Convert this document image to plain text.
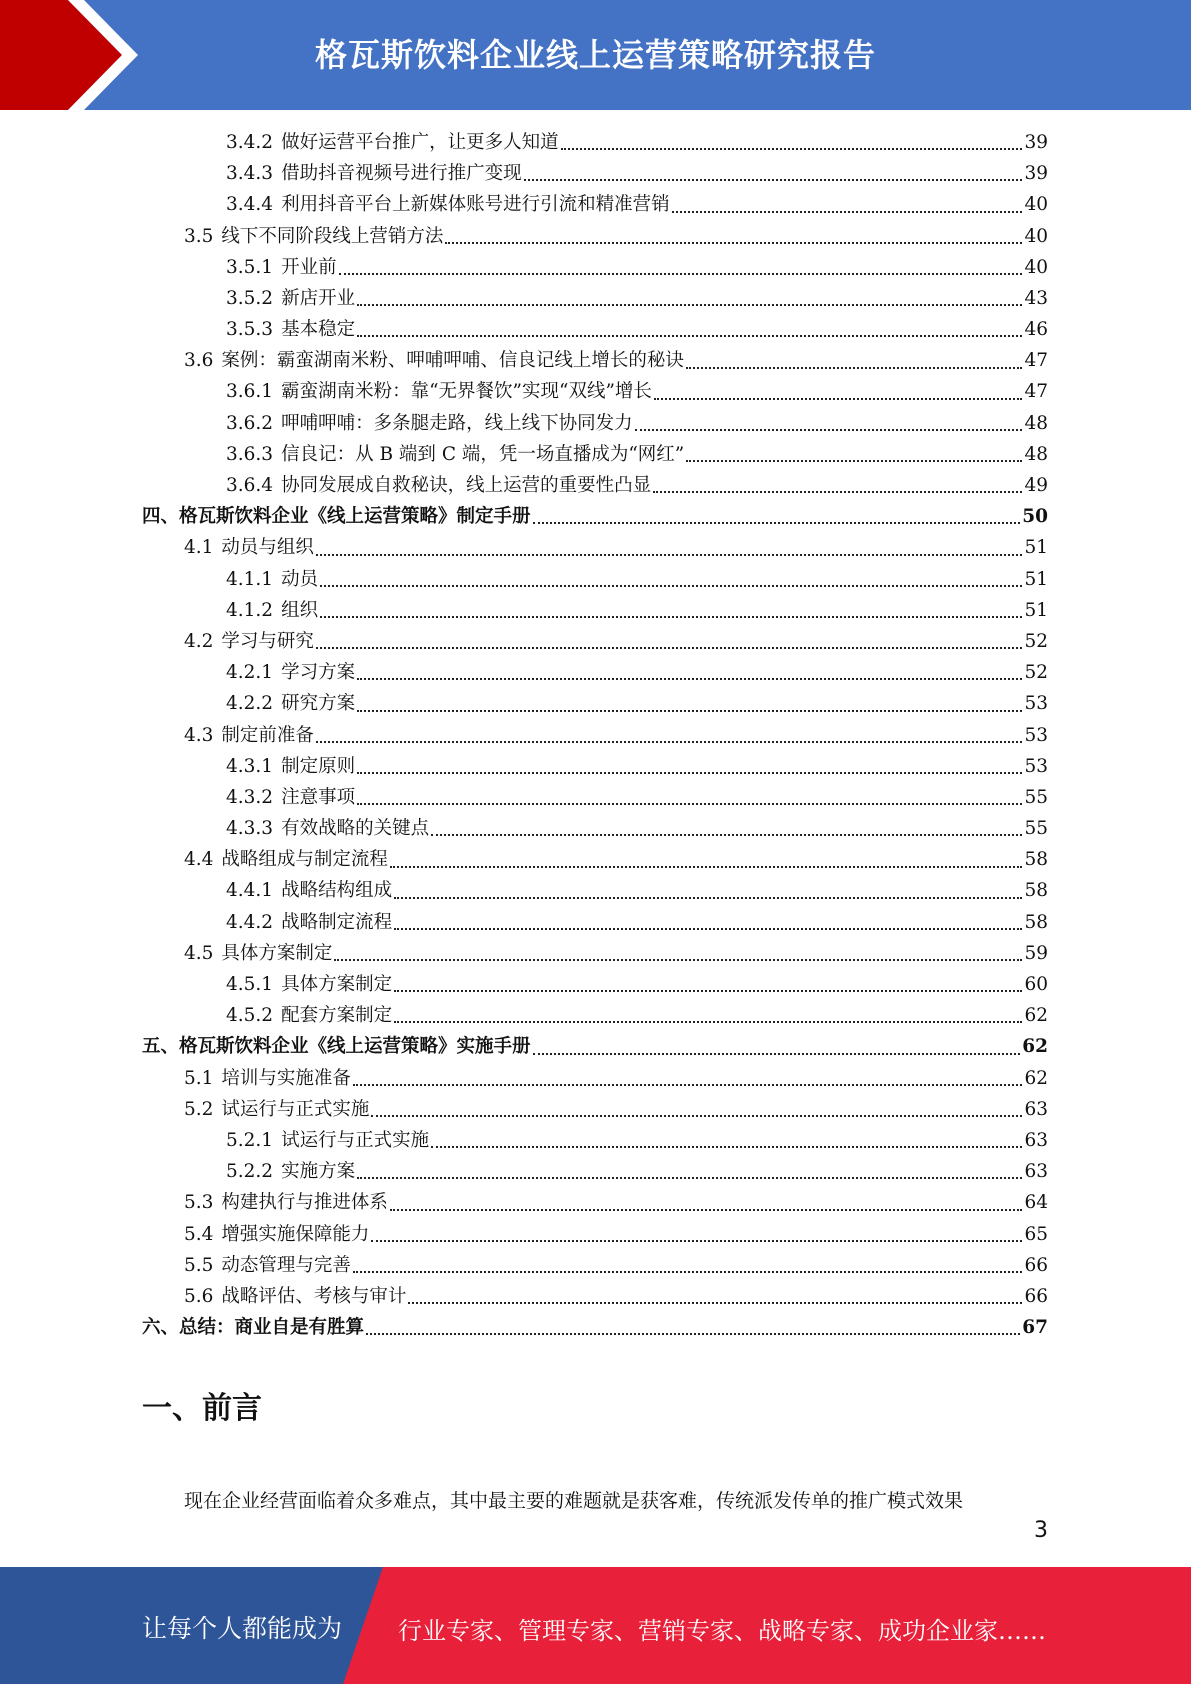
格瓦斯饮料企业线上运营策略研究报告
3.4.2 做好运营平台推广，让更多人知道	39
3.4.3 借助抖音视频号进行推广变现	39
3.4.4 利用抖音平台上新媒体账号进行引流和精准营销	40
3.5 线下不同阶段线上营销方法	40
3.5.1 开业前	40
3.5.2 新店开业	43
3.5.3 基本稳定	46
3.6 案例：霸蛮湖南米粉、呷哺呷哺、信良记线上增长的秘诀	47
3.6.1 霸蛮湖南米粉：靠“无界餐饮”实现“双线”增长	47
3.6.2 呷哺呷哺：多条腿走路，线上线下协同发力	48
3.6.3 信良记：从 B 端到 C 端，凭一场直播成为“网红”	48
3.6.4 协同发展成自救秘诀，线上运营的重要性凸显	49
四、格瓦斯饮料企业《线上运营策略》制定手册	50
4.1 动员与组织	51
4.1.1 动员	51
4.1.2 组织	51
4.2 学习与研究	52
4.2.1 学习方案	52
4.2.2 研究方案	53
4.3 制定前准备	53
4.3.1 制定原则	53
4.3.2 注意事项	55
4.3.3 有效战略的关键点	55
4.4 战略组成与制定流程	58
4.4.1 战略结构组成	58
4.4.2 战略制定流程	58
4.5 具体方案制定	59
4.5.1 具体方案制定	60
4.5.2 配套方案制定	62
五、格瓦斯饮料企业《线上运营策略》实施手册	62
5.1 培训与实施准备	62
5.2 试运行与正式实施	63
5.2.1 试运行与正式实施	63
5.2.2 实施方案	63
5.3 构建执行与推进体系	64
5.4 增强实施保障能力	65
5.5 动态管理与完善	66
5.6 战略评估、考核与审计	66
六、总结：商业自是有胜算	67
一、前言
现在企业经营面临着众多难点，其中最主要的难题就是获客难，传统派发传单的推广模式效果
3
让每个人都能成为 行业专家、管理专家、营销专家、战略专家、成功企业家……
